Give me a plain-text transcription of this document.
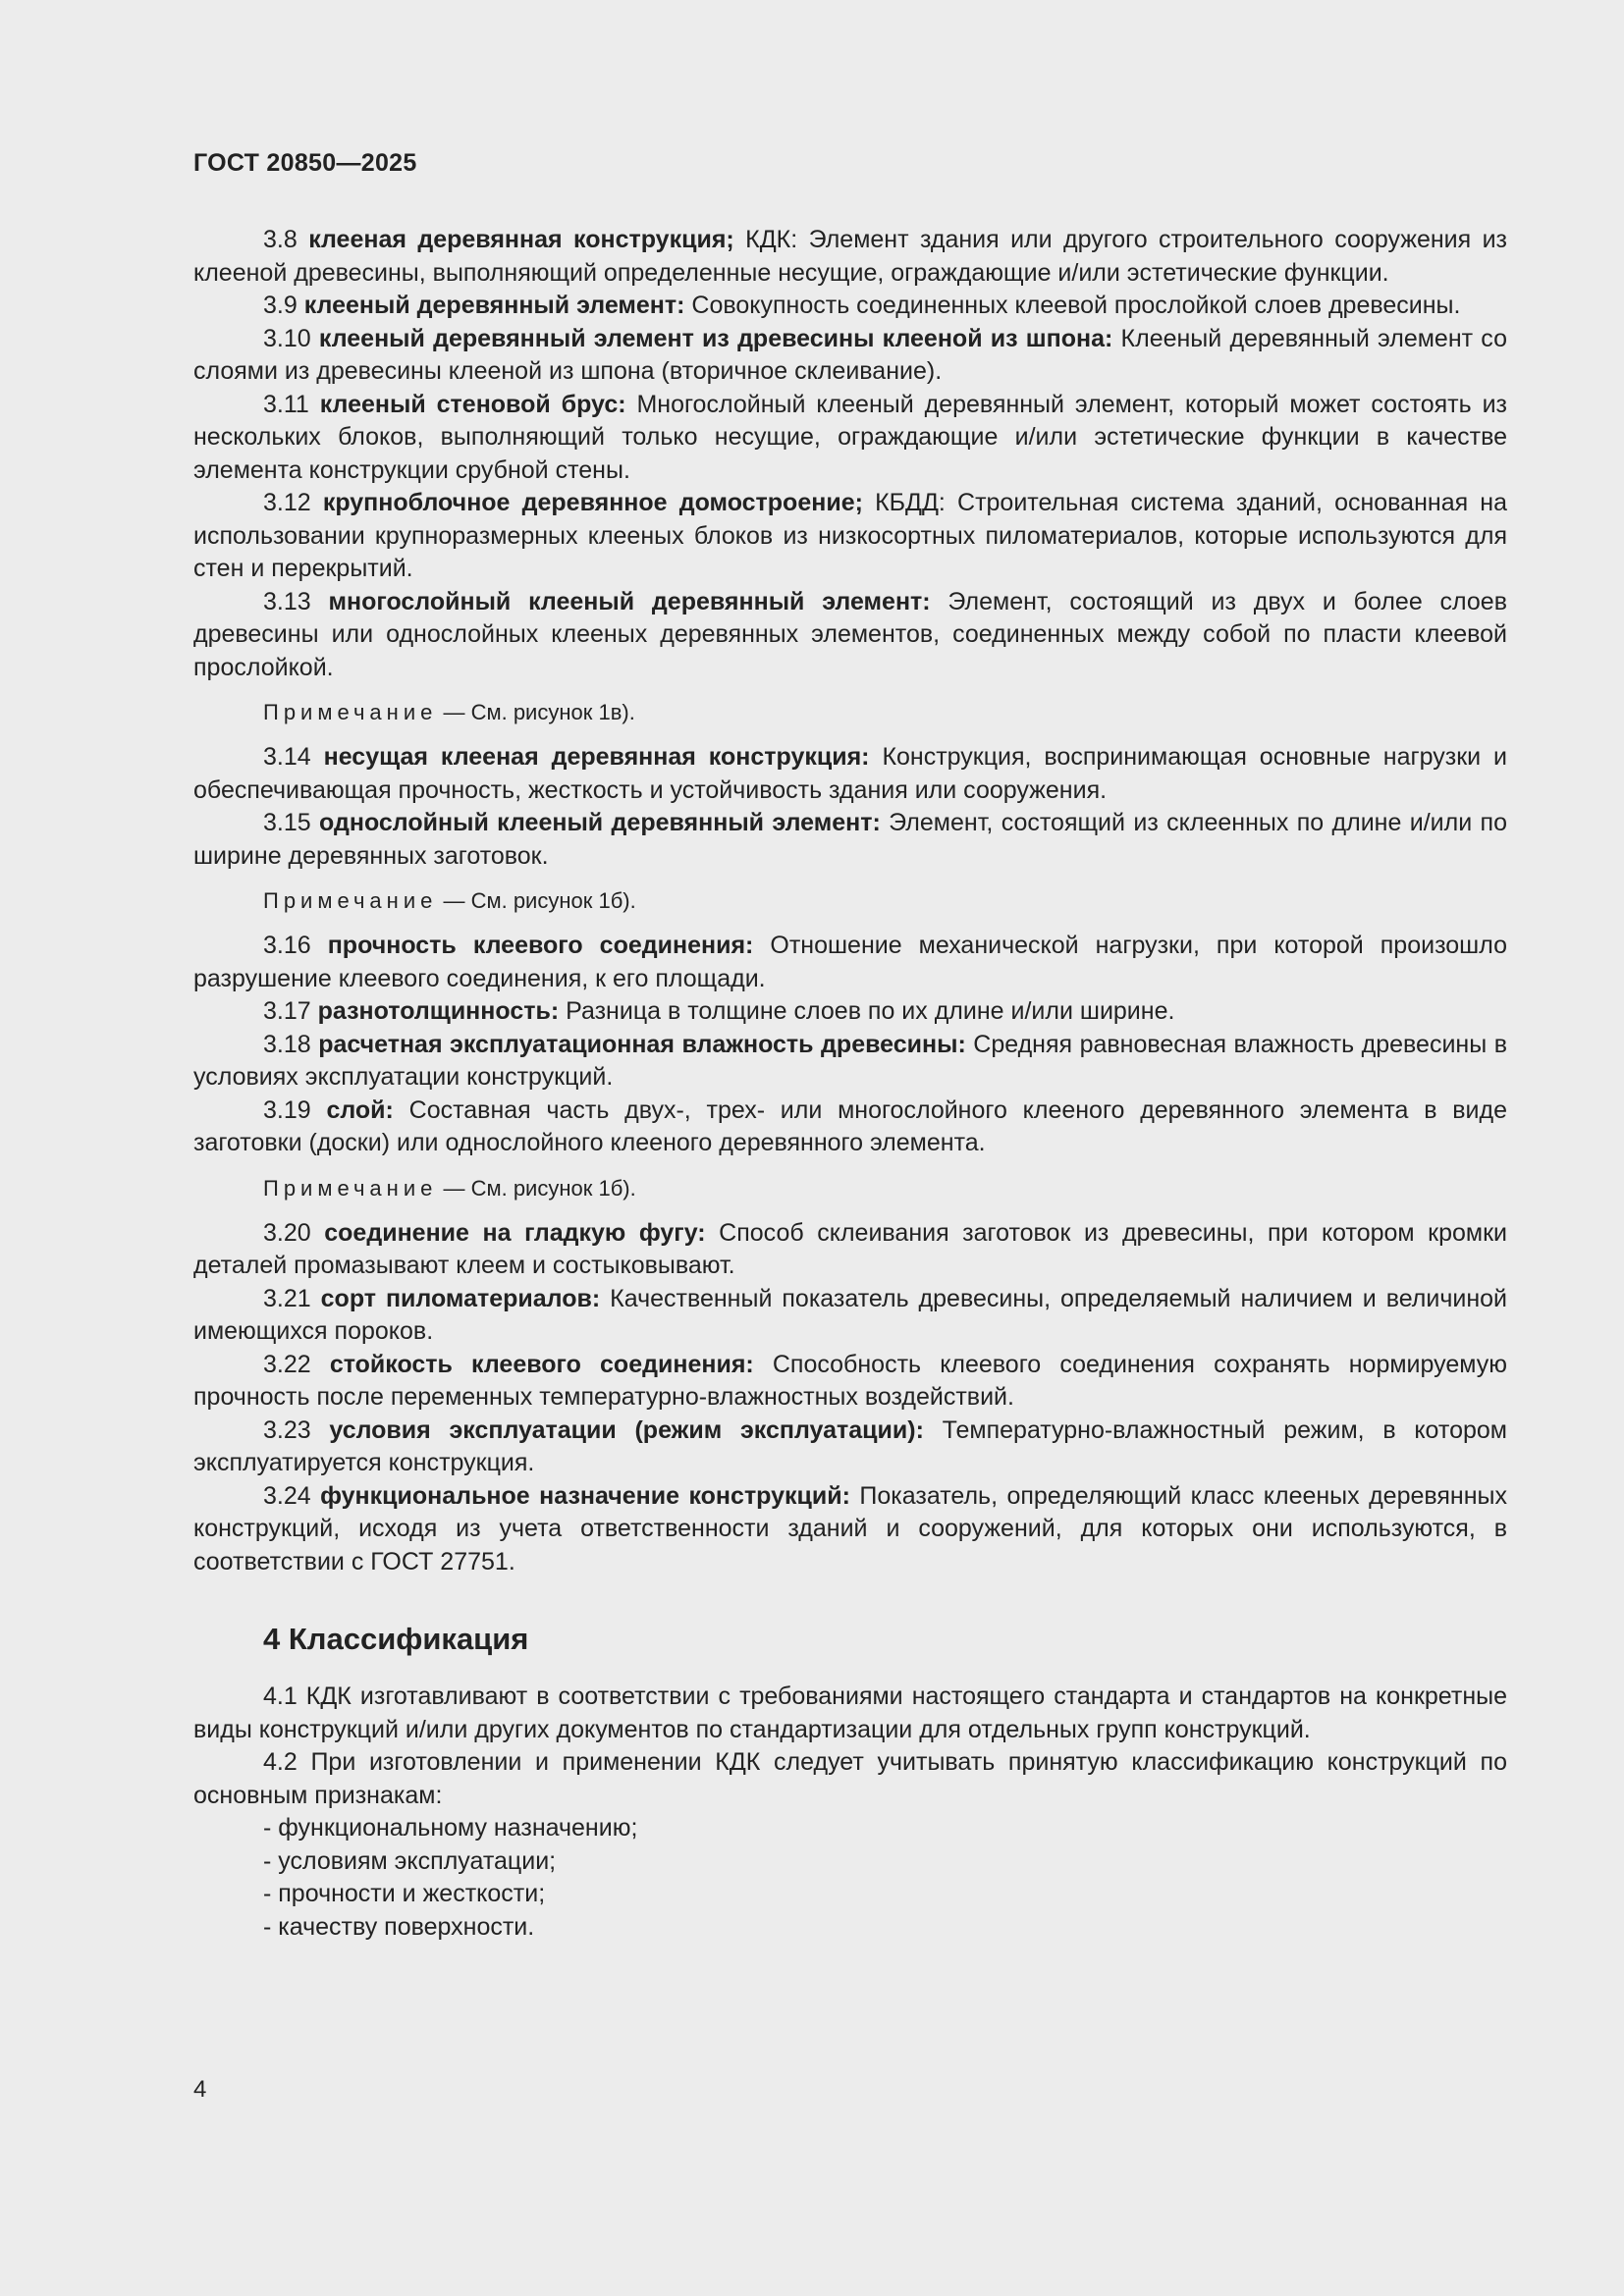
ГОСТ 20850—2025

3.8 клееная деревянная конструкция; КДК: Элемент здания или другого строительного сооружения из клееной древесины, выполняющий определенные несущие, ограждающие и/или эстетические функции.

3.9 клееный деревянный элемент: Совокупность соединенных клеевой прослойкой слоев древесины.

3.10 клееный деревянный элемент из древесины клееной из шпона: Клееный деревянный элемент со слоями из древесины клееной из шпона (вторичное склеивание).

3.11 клееный стеновой брус: Многослойный клееный деревянный элемент, который может состоять из нескольких блоков, выполняющий только несущие, ограждающие и/или эстетические функции в качестве элемента конструкции срубной стены.

3.12 крупноблочное деревянное домостроение; КБДД: Строительная система зданий, основанная на использовании крупноразмерных клееных блоков из низкосортных пиломатериалов, которые используются для стен и перекрытий.

3.13 многослойный клееный деревянный элемент: Элемент, состоящий из двух и более слоев древесины или однослойных клееных деревянных элементов, соединенных между собой по пласти клеевой прослойкой.

Примечание — См. рисунок 1в).

3.14 несущая клееная деревянная конструкция: Конструкция, воспринимающая основные нагрузки и обеспечивающая прочность, жесткость и устойчивость здания или сооружения.

3.15 однослойный клееный деревянный элемент: Элемент, состоящий из склеенных по длине и/или по ширине деревянных заготовок.

Примечание — См. рисунок 1б).

3.16 прочность клеевого соединения: Отношение механической нагрузки, при которой произошло разрушение клеевого соединения, к его площади.

3.17 разнотолщинность: Разница в толщине слоев по их длине и/или ширине.

3.18 расчетная эксплуатационная влажность древесины: Средняя равновесная влажность древесины в условиях эксплуатации конструкций.

3.19 слой: Составная часть двух-, трех- или многослойного клееного деревянного элемента в виде заготовки (доски) или однослойного клееного деревянного элемента.

Примечание — См. рисунок 1б).

3.20 соединение на гладкую фугу: Способ склеивания заготовок из древесины, при котором кромки деталей промазывают клеем и состыковывают.

3.21 сорт пиломатериалов: Качественный показатель древесины, определяемый наличием и величиной имеющихся пороков.

3.22 стойкость клеевого соединения: Способность клеевого соединения сохранять нормируемую прочность после переменных температурно-влажностных воздействий.

3.23 условия эксплуатации (режим эксплуатации): Температурно-влажностный режим, в котором эксплуатируется конструкция.

3.24 функциональное назначение конструкций: Показатель, определяющий класс клееных деревянных конструкций, исходя из учета ответственности зданий и сооружений, для которых они используются, в соответствии с ГОСТ 27751.

4 Классификация

4.1 КДК изготавливают в соответствии с требованиями настоящего стандарта и стандартов на конкретные виды конструкций и/или других документов по стандартизации для отдельных групп конструкций.

4.2 При изготовлении и применении КДК следует учитывать принятую классификацию конструкций по основным признакам:

- функциональному назначению;
- условиям эксплуатации;
- прочности и жесткости;
- качеству поверхности.
4
